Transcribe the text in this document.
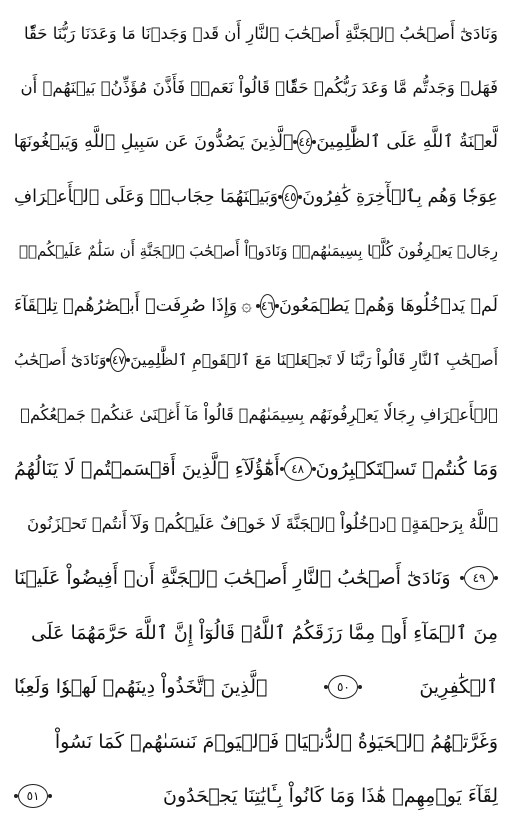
وَنَادَىٰٓ أَصۡحَٰبُ ٱلۡجَنَّةِ أَصۡحَٰبَ ٱلنَّارِ أَن قَدۡ وَجَدۡنَا مَا وَعَدَنَا رَبُّنَا حَقّٗا
فَهَلۡ وَجَدتُّم مَّا وَعَدَ رَبُّكُمۡ حَقّٗاۖ قَالُواْ نَعَمۡۚ فَأَذَّنَ مُؤَذِّنُۢ بَيۡنَهُمۡ أَن
لَّعۡنَةُ ٱللَّهِ عَلَى ٱلظَّٰلِمِينَ
٤٤
ٱلَّذِينَ يَصُدُّونَ عَن سَبِيلِ ٱللَّهِ وَيَبۡغُونَهَا
عِوَجٗا وَهُم بِٱلۡأٓخِرَةِ كَٰفِرُونَ
٤٥
وَبَيۡنَهُمَا حِجَابٞۚ وَعَلَى ٱلۡأَعۡرَافِ
رِجَالٞ يَعۡرِفُونَ كُلَّۢا بِسِيمَىٰهُمۡۚ وَنَادَوۡاْ أَصۡحَٰبَ ٱلۡجَنَّةِ أَن سَلَٰمٌ عَلَيۡكُمۡۚ
لَمۡ يَدۡخُلُوهَا وَهُمۡ يَطۡمَعُونَ
٤٦
۞
وَإِذَا صُرِفَتۡ أَبۡصَٰرُهُمۡ تِلۡقَآءَ
أَصۡحَٰبِ ٱلنَّارِ قَالُواْ رَبَّنَا لَا تَجۡعَلۡنَا مَعَ ٱلۡقَوۡمِ ٱلظَّٰلِمِينَ
٤٧
وَنَادَىٰٓ أَصۡحَٰبُ
ٱلۡأَعۡرَافِ رِجَالٗا يَعۡرِفُونَهُم بِسِيمَىٰهُمۡ قَالُواْ مَآ أَغۡنَىٰ عَنكُمۡ جَمۡعُكُمۡ
وَمَا كُنتُمۡ تَسۡتَكۡبِرُونَ
٤٨
أَهَٰٓؤُلَآءِ ٱلَّذِينَ أَقۡسَمۡتُمۡ لَا يَنَالُهُمُ
ٱللَّهُ بِرَحۡمَةٍۚ ٱدۡخُلُواْ ٱلۡجَنَّةَ لَا خَوۡفٌ عَلَيۡكُمۡ وَلَآ أَنتُمۡ تَحۡزَنُونَ
٤٩
وَنَادَىٰٓ أَصۡحَٰبُ ٱلنَّارِ أَصۡحَٰبَ ٱلۡجَنَّةِ أَنۡ أَفِيضُواْ عَلَيۡنَا
مِنَ ٱلۡمَآءِ أَوۡ مِمَّا رَزَقَكُمُ ٱللَّهُۚ قَالُوٓاْ إِنَّ ٱللَّهَ حَرَّمَهُمَا عَلَى
ٱلۡكَٰفِرِينَ
٥٠
ٱلَّذِينَ ٱتَّخَذُواْ دِينَهُمۡ لَهۡوٗا وَلَعِبٗا
وَغَرَّتۡهُمُ ٱلۡحَيَوٰةُ ٱلدُّنۡيَاۚ فَٱلۡيَوۡمَ نَنسَىٰهُمۡ كَمَا نَسُواْ
لِقَآءَ يَوۡمِهِمۡ هَٰذَا وَمَا كَانُواْ بِـَٔايَٰتِنَا يَجۡحَدُونَ
٥١
